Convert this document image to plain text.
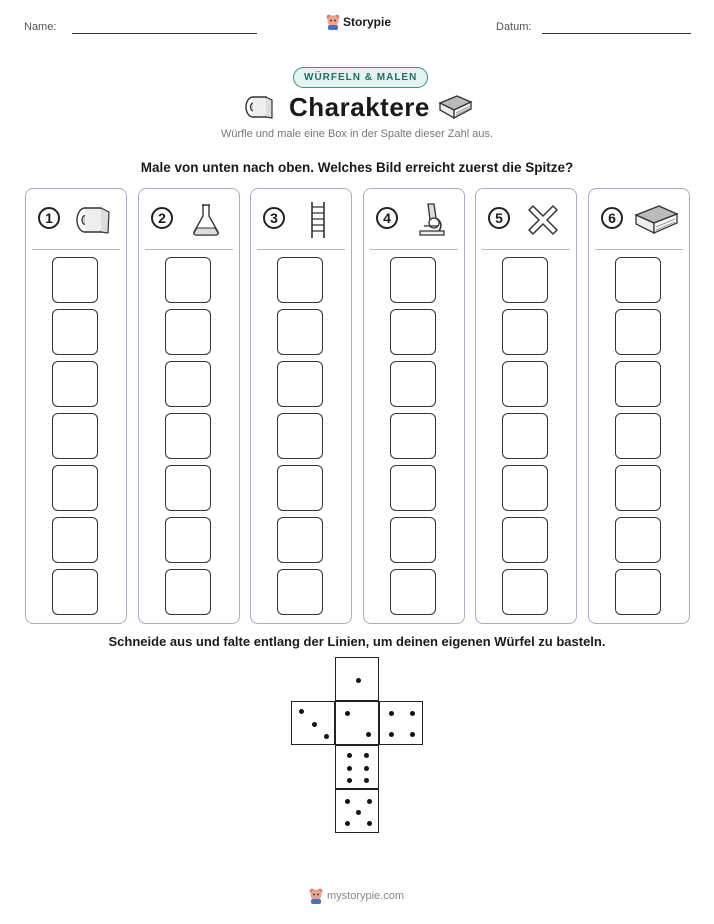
Name:	Storypie	Datum:
WÜRFELN & MALEN
Charaktere
Würfle und male eine Box in der Spalte dieser Zahl aus.
Male von unten nach oben. Welches Bild erreicht zuerst die Spitze?
1	2	3	4	5	6
Schneide aus und falte entlang der Linien, um deinen eigenen Würfel zu basteln.
mystorypie.com
